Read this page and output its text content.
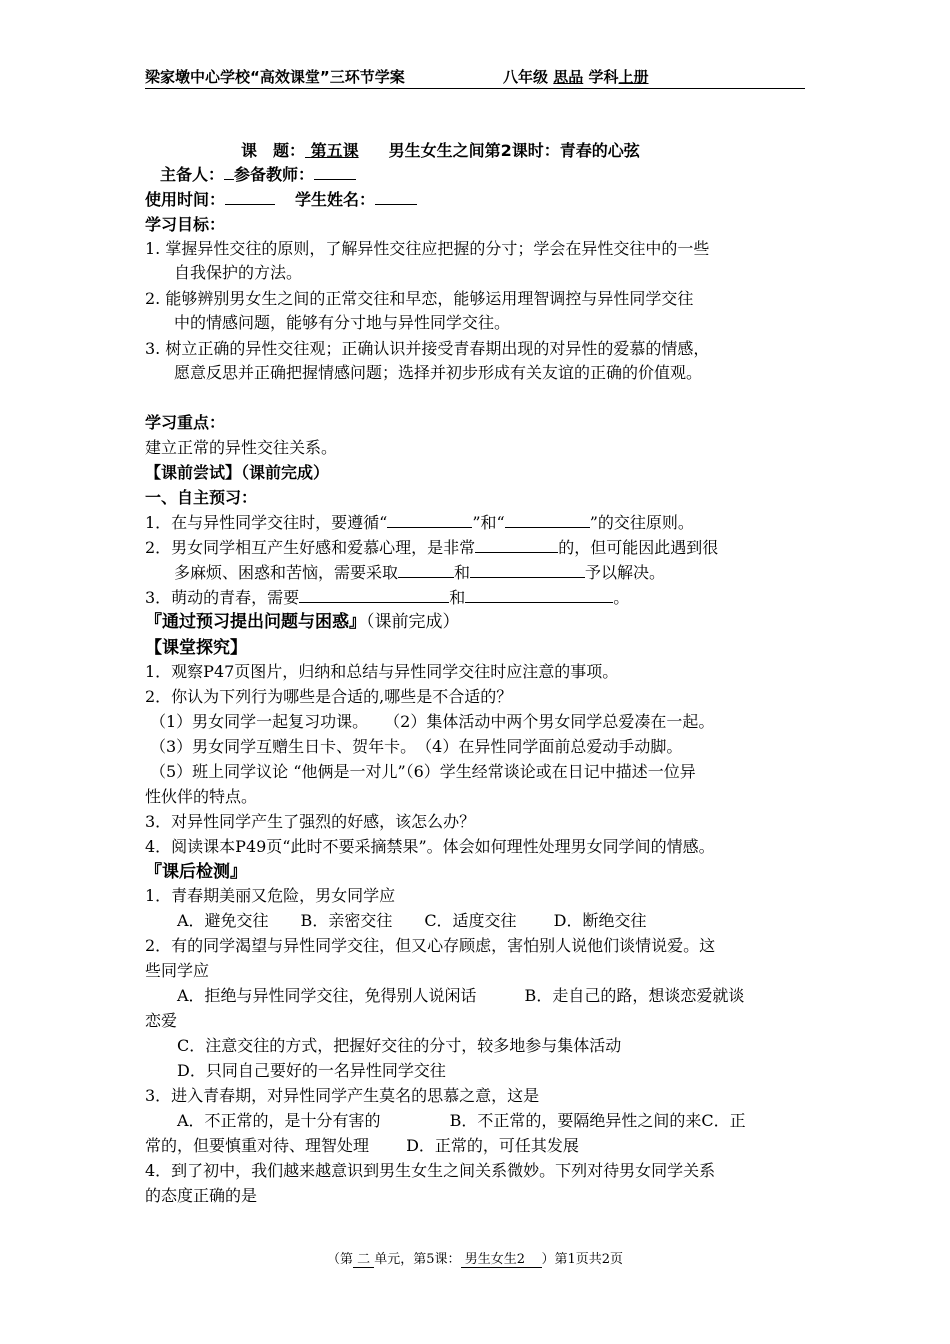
梁家墩中心学校“高效课堂”三环节学案	八年级 思品 学科上册
课　题： 第五课 男生女生之间第2课时：青春的心弦
主备人： 参备教师：
使用时间：	学生姓名：
学习目标：
1. 掌握异性交往的原则，了解异性交往应把握的分寸；学会在异性交往中的一些
自我保护的方法。
2. 能够辨别男女生之间的正常交往和早恋，能够运用理智调控与异性同学交往
中的情感问题，能够有分寸地与异性同学交往。
3. 树立正确的异性交往观；正确认识并接受青春期出现的对异性的爱慕的情感，
愿意反思并正确把握情感问题；选择并初步形成有关友谊的正确的价值观。
学习重点：
建立正常的异性交往关系。
【课前尝试】（课前完成）
一、自主预习：
1．在与异性同学交往时，要遵循“	”和“	”的交往原则。
2．男女同学相互产生好感和爱慕心理，是非常	的，但可能因此遇到很
多麻烦、困惑和苦恼，需要采取	和	予以解决。
3．萌动的青春，需要	和	。
『通过预习提出问题与困惑』（课前完成）
【课堂探究】
1．观察P47页图片，归纳和总结与异性同学交往时应注意的事项。
2．你认为下列行为哪些是合适的,哪些是不合适的？
（1）男女同学一起复习功课。　　（2）集体活动中两个男女同学总爱凑在一起。
（3）男女同学互赠生日卡、贺年卡。　（4）在异性同学面前总爱动手动脚。
（5）班上同学议论 “他俩是一对儿”（6）学生经常谈论或在日记中描述一位异
性伙伴的特点。
3．对异性同学产生了强烈的好感，该怎么办？
4．阅读课本P49页“此时不要采摘禁果”。体会如何理性处理男女同学间的情感。
『课后检测』
1．青春期美丽又危险，男女同学应
　　A．避免交往　　B．亲密交往　　C．适度交往　　 D．断绝交往
2．有的同学渴望与异性同学交往，但又心存顾虑，害怕别人说他们谈情说爱。这
些同学应
　　A．拒绝与异性同学交往，免得别人说闲话　　　B．走自己的路，想谈恋爱就谈
恋爱
　　C．注意交往的方式，把握好交往的分寸，较多地参与集体活动
　　D．只同自己要好的一名异性同学交往
3．进入青春期，对异性同学产生莫名的思慕之意，这是
　　A．不正常的，是十分有害的　　　　 B．不正常的，要隔绝异性之间的来C．正
常的，但要慎重对待、理智处理　　 D．正常的，可任其发展
4．到了初中，我们越来越意识到男生女生之间关系微妙。下列对待男女同学关系
的态度正确的是
（第 二 单元，第5课： 男生女生2 ）第1页共2页
